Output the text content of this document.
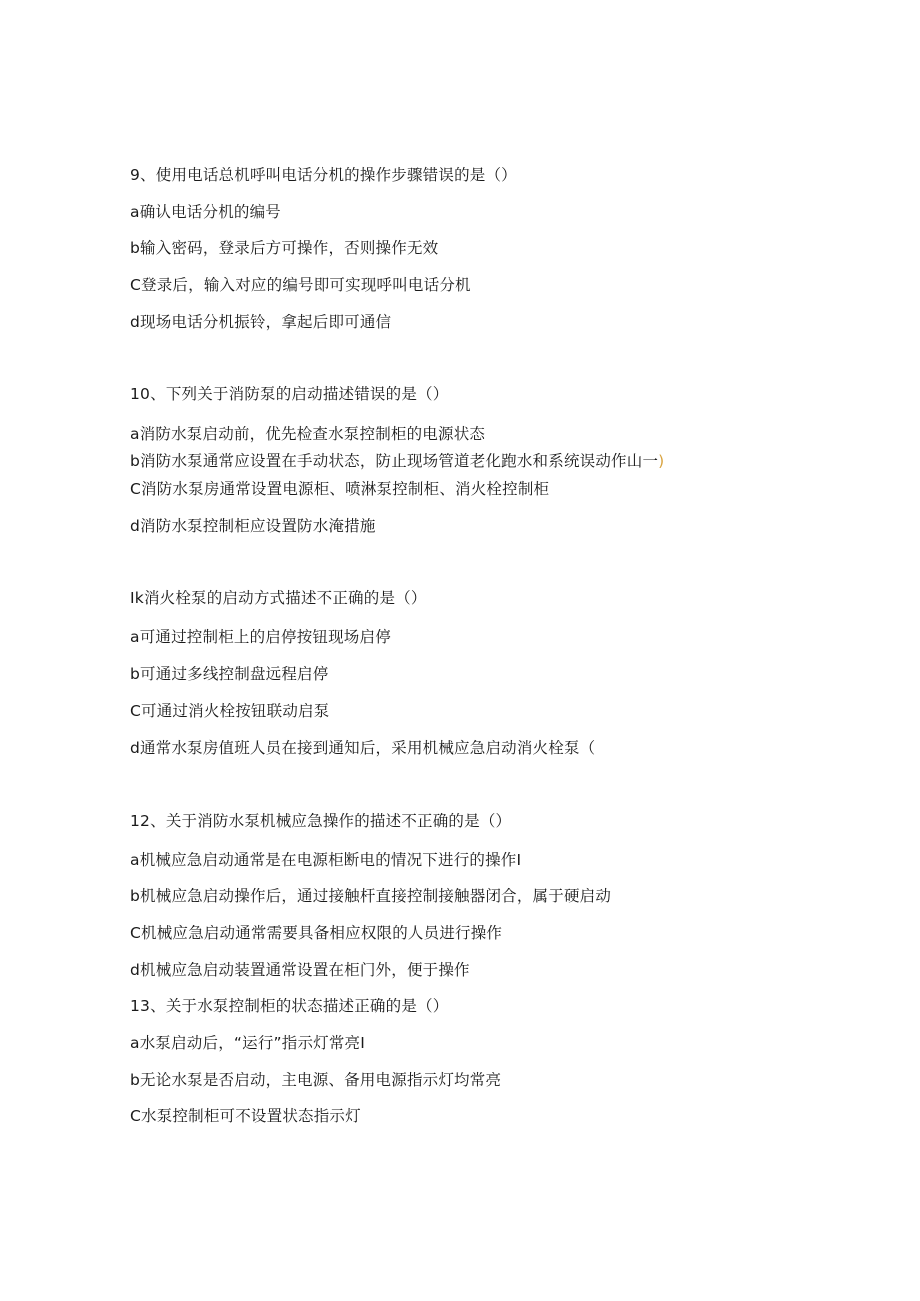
9、使用电话总机呼叫电话分机的操作步骤错误的是（）
a确认电话分机的编号
b输入密码，登录后方可操作，否则操作无效
C登录后，输入对应的编号即可实现呼叫电话分机
d现场电话分机振铃，拿起后即可通信
10、下列关于消防泵的启动描述错误的是（）
a消防水泵启动前，优先检查水泵控制柜的电源状态
b消防水泵通常应设置在手动状态，防止现场管道老化跑水和系统误动作山一)
C消防水泵房通常设置电源柜、喷淋泵控制柜、消火栓控制柜
d消防水泵控制柜应设置防水淹措施
Ik消火栓泵的启动方式描述不正确的是（）
a可通过控制柜上的启停按钮现场启停
b可通过多线控制盘远程启停
C可通过消火栓按钮联动启泵
d通常水泵房值班人员在接到通知后，采用机械应急启动消火栓泵（
12、关于消防水泵机械应急操作的描述不正确的是（）
a机械应急启动通常是在电源柜断电的情况下进行的操作I
b机械应急启动操作后，通过接触杆直接控制接触器闭合，属于硬启动
C机械应急启动通常需要具备相应权限的人员进行操作
d机械应急启动装置通常设置在柜门外，便于操作
13、关于水泵控制柜的状态描述正确的是（）
a水泵启动后，“运行”指示灯常亮I
b无论水泵是否启动，主电源、备用电源指示灯均常亮
C水泵控制柜可不设置状态指示灯
